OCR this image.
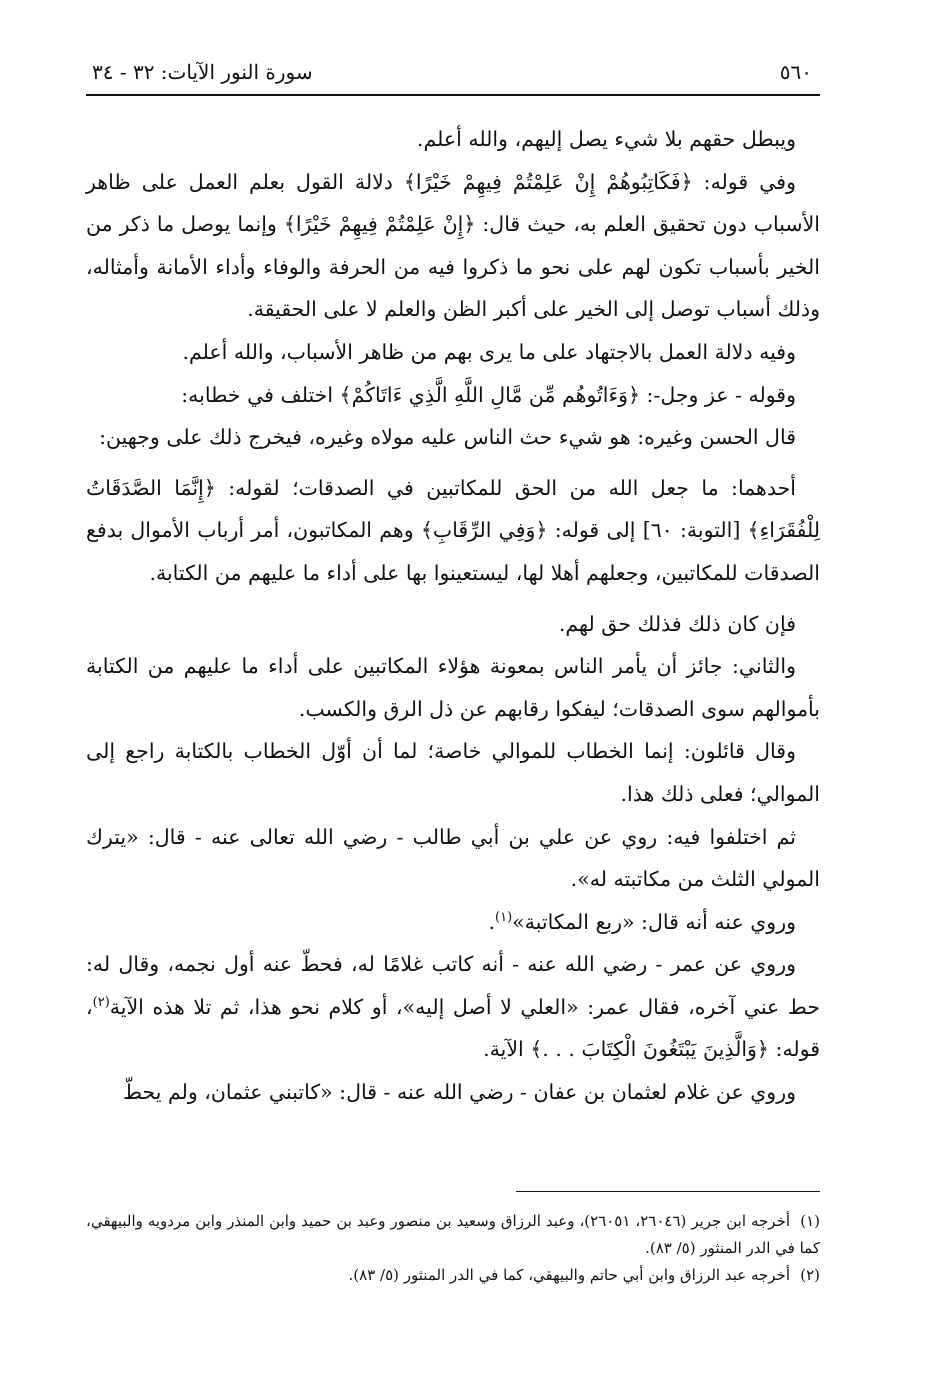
٥٦٠
سورة النور الآيات: ٣٢ - ٣٤

ويبطل حقهم بلا شيء يصل إليهم، والله أعلم.

وفي قوله: ﴿فَكَاتِبُوهُمْ إِنْ عَلِمْتُمْ فِيهِمْ خَيْرًا﴾ دلالة القول بعلم العمل على ظاهر الأسباب دون تحقيق العلم به، حيث قال: ﴿إِنْ عَلِمْتُمْ فِيهِمْ خَيْرًا﴾ وإنما يوصل ما ذكر من الخير بأسباب تكون لهم على نحو ما ذكروا فيه من الحرفة والوفاء وأداء الأمانة وأمثاله، وذلك أسباب توصل إلى الخير على أكبر الظن والعلم لا على الحقيقة.

وفيه دلالة العمل بالاجتهاد على ما يرى بهم من ظاهر الأسباب، والله أعلم.

وقوله - عز وجل-: ﴿وَءَاتُوهُم مِّن مَّالِ اللَّهِ الَّذِي ءَاتَاكُمْ﴾ اختلف في خطابه:

قال الحسن وغيره: هو شيء حث الناس عليه مولاه وغيره، فيخرج ذلك على وجهين:

أحدهما: ما جعل الله من الحق للمكاتبين في الصدقات؛ لقوله: ﴿إِنَّمَا الصَّدَقَاتُ لِلْفُقَرَاءِ﴾ [التوبة: ٦٠] إلى قوله: ﴿وَفِي الرِّقَابِ﴾ وهم المكاتبون، أمر أرباب الأموال بدفع الصدقات للمكاتبين، وجعلهم أهلا لها، ليستعينوا بها على أداء ما عليهم من الكتابة.

فإن كان ذلك فذلك حق لهم.

والثاني: جائز أن يأمر الناس بمعونة هؤلاء المكاتبين على أداء ما عليهم من الكتابة بأموالهم سوى الصدقات؛ ليفكوا رقابهم عن ذل الرق والكسب.

وقال قائلون: إنما الخطاب للموالي خاصة؛ لما أن أوّل الخطاب بالكتابة راجع إلى الموالي؛ فعلى ذلك هذا.

ثم اختلفوا فيه: روي عن علي بن أبي طالب - رضي الله تعالى عنه - قال: «يترك المولي الثلث من مكاتبته له».

وروي عنه أنه قال: «ربع المكاتبة»$^{(١)}$.

وروي عن عمر - رضي الله عنه - أنه كاتب غلامًا له، فحطّ عنه أول نجمه، وقال له: حط عني آخره، فقال عمر: «العلي لا أصل إليه»، أو كلام نحو هذا، ثم تلا هذه الآية$^{(٢)}$، قوله: ﴿وَالَّذِينَ يَبْتَغُونَ الْكِتَابَ . . .﴾ الآية.

وروي عن غلام لعثمان بن عفان - رضي الله عنه - قال: «كاتبني عثمان، ولم يحطّ

(١)أخرجه ابن جرير (٢٦٠٤٦، ٢٦٠٥١)، وعبد الرزاق وسعيد بن منصور وعبد بن حميد وابن المنذر وابن مردويه والبيهقي، كما في الدر المنثور (٥/ ٨٣).

(٢)أخرجه عبد الرزاق وابن أبي حاتم والبيهقي، كما في الدر المنثور (٥/ ٨٣).
